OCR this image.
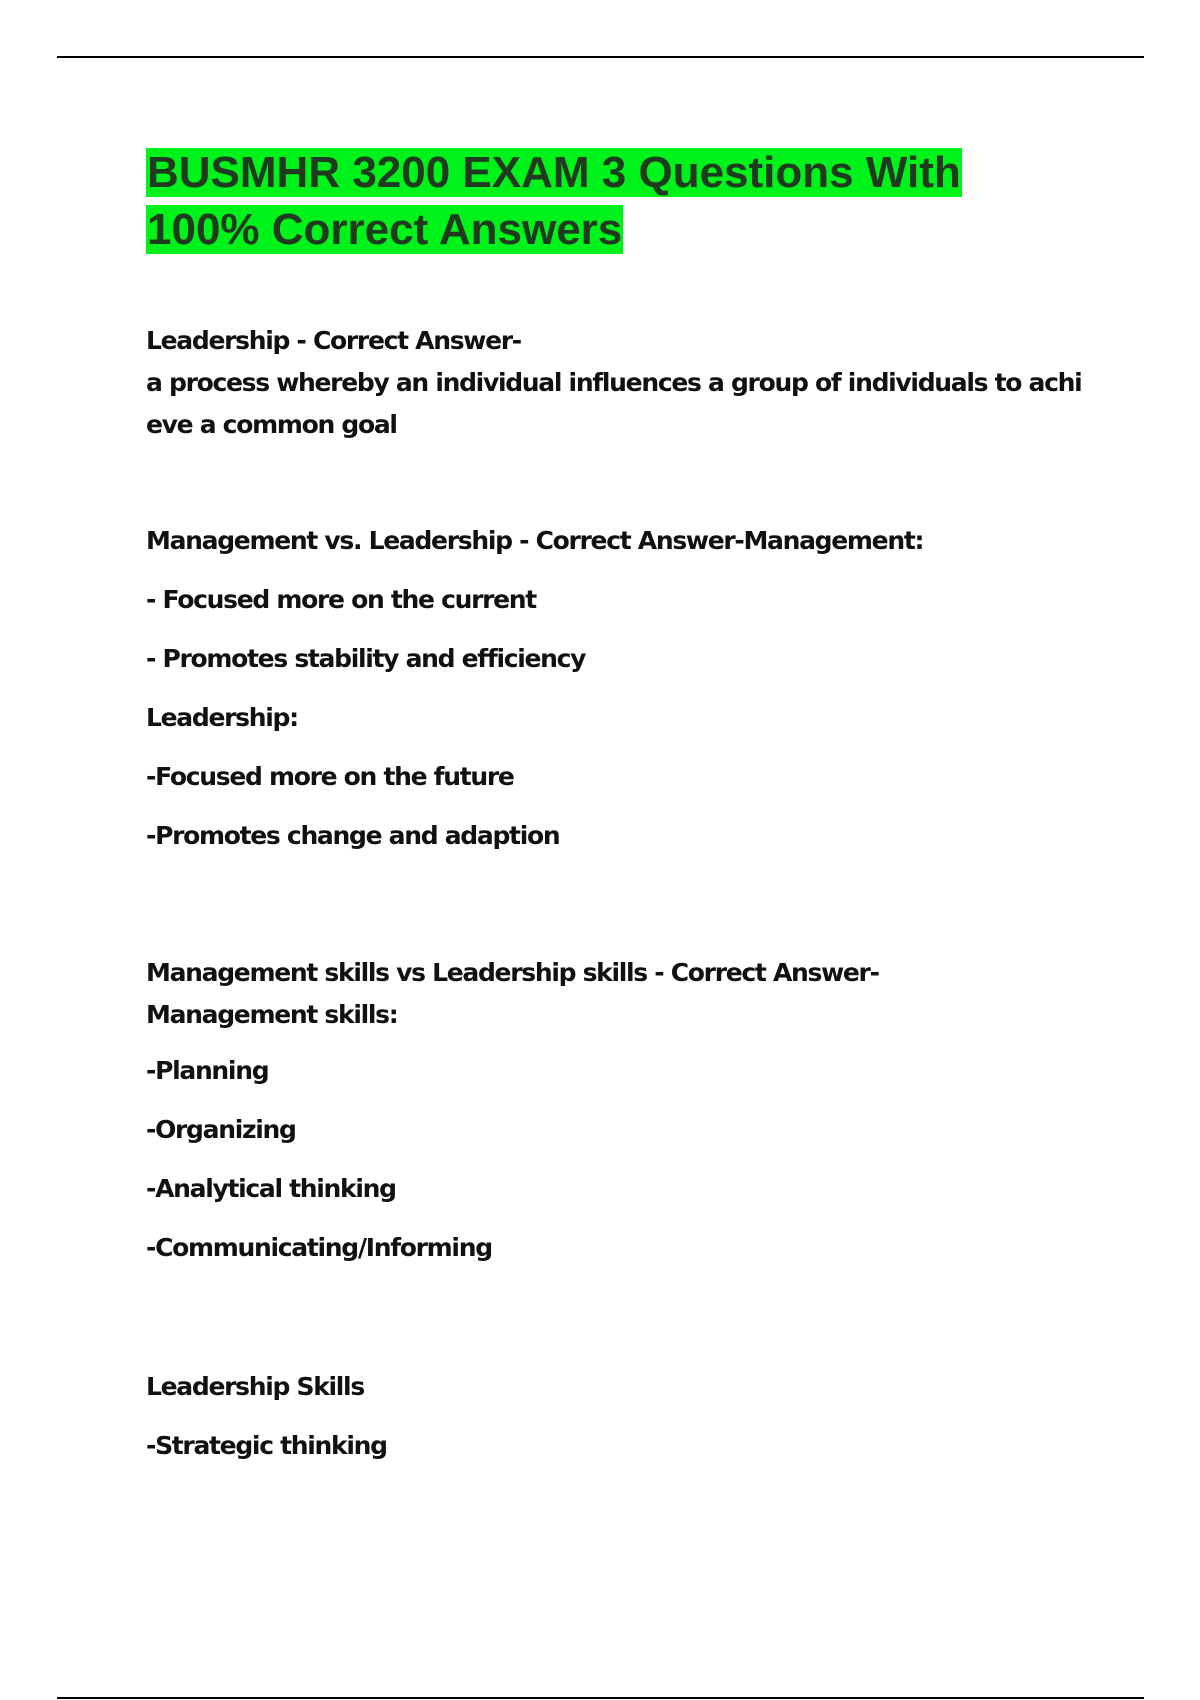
BUSMHR 3200 EXAM 3 Questions With 100% Correct Answers

Leadership - Correct Answer-

a process whereby an individual influences a group of individuals to achi eve a common goal

Management vs. Leadership - Correct Answer-Management:

- Focused more on the current

- Promotes stability and efficiency

Leadership:

-Focused more on the future

-Promotes change and adaption

Management skills vs Leadership skills - Correct Answer- Management skills:

-Planning

-Organizing

-Analytical thinking

-Communicating/Informing

Leadership Skills

-Strategic thinking
